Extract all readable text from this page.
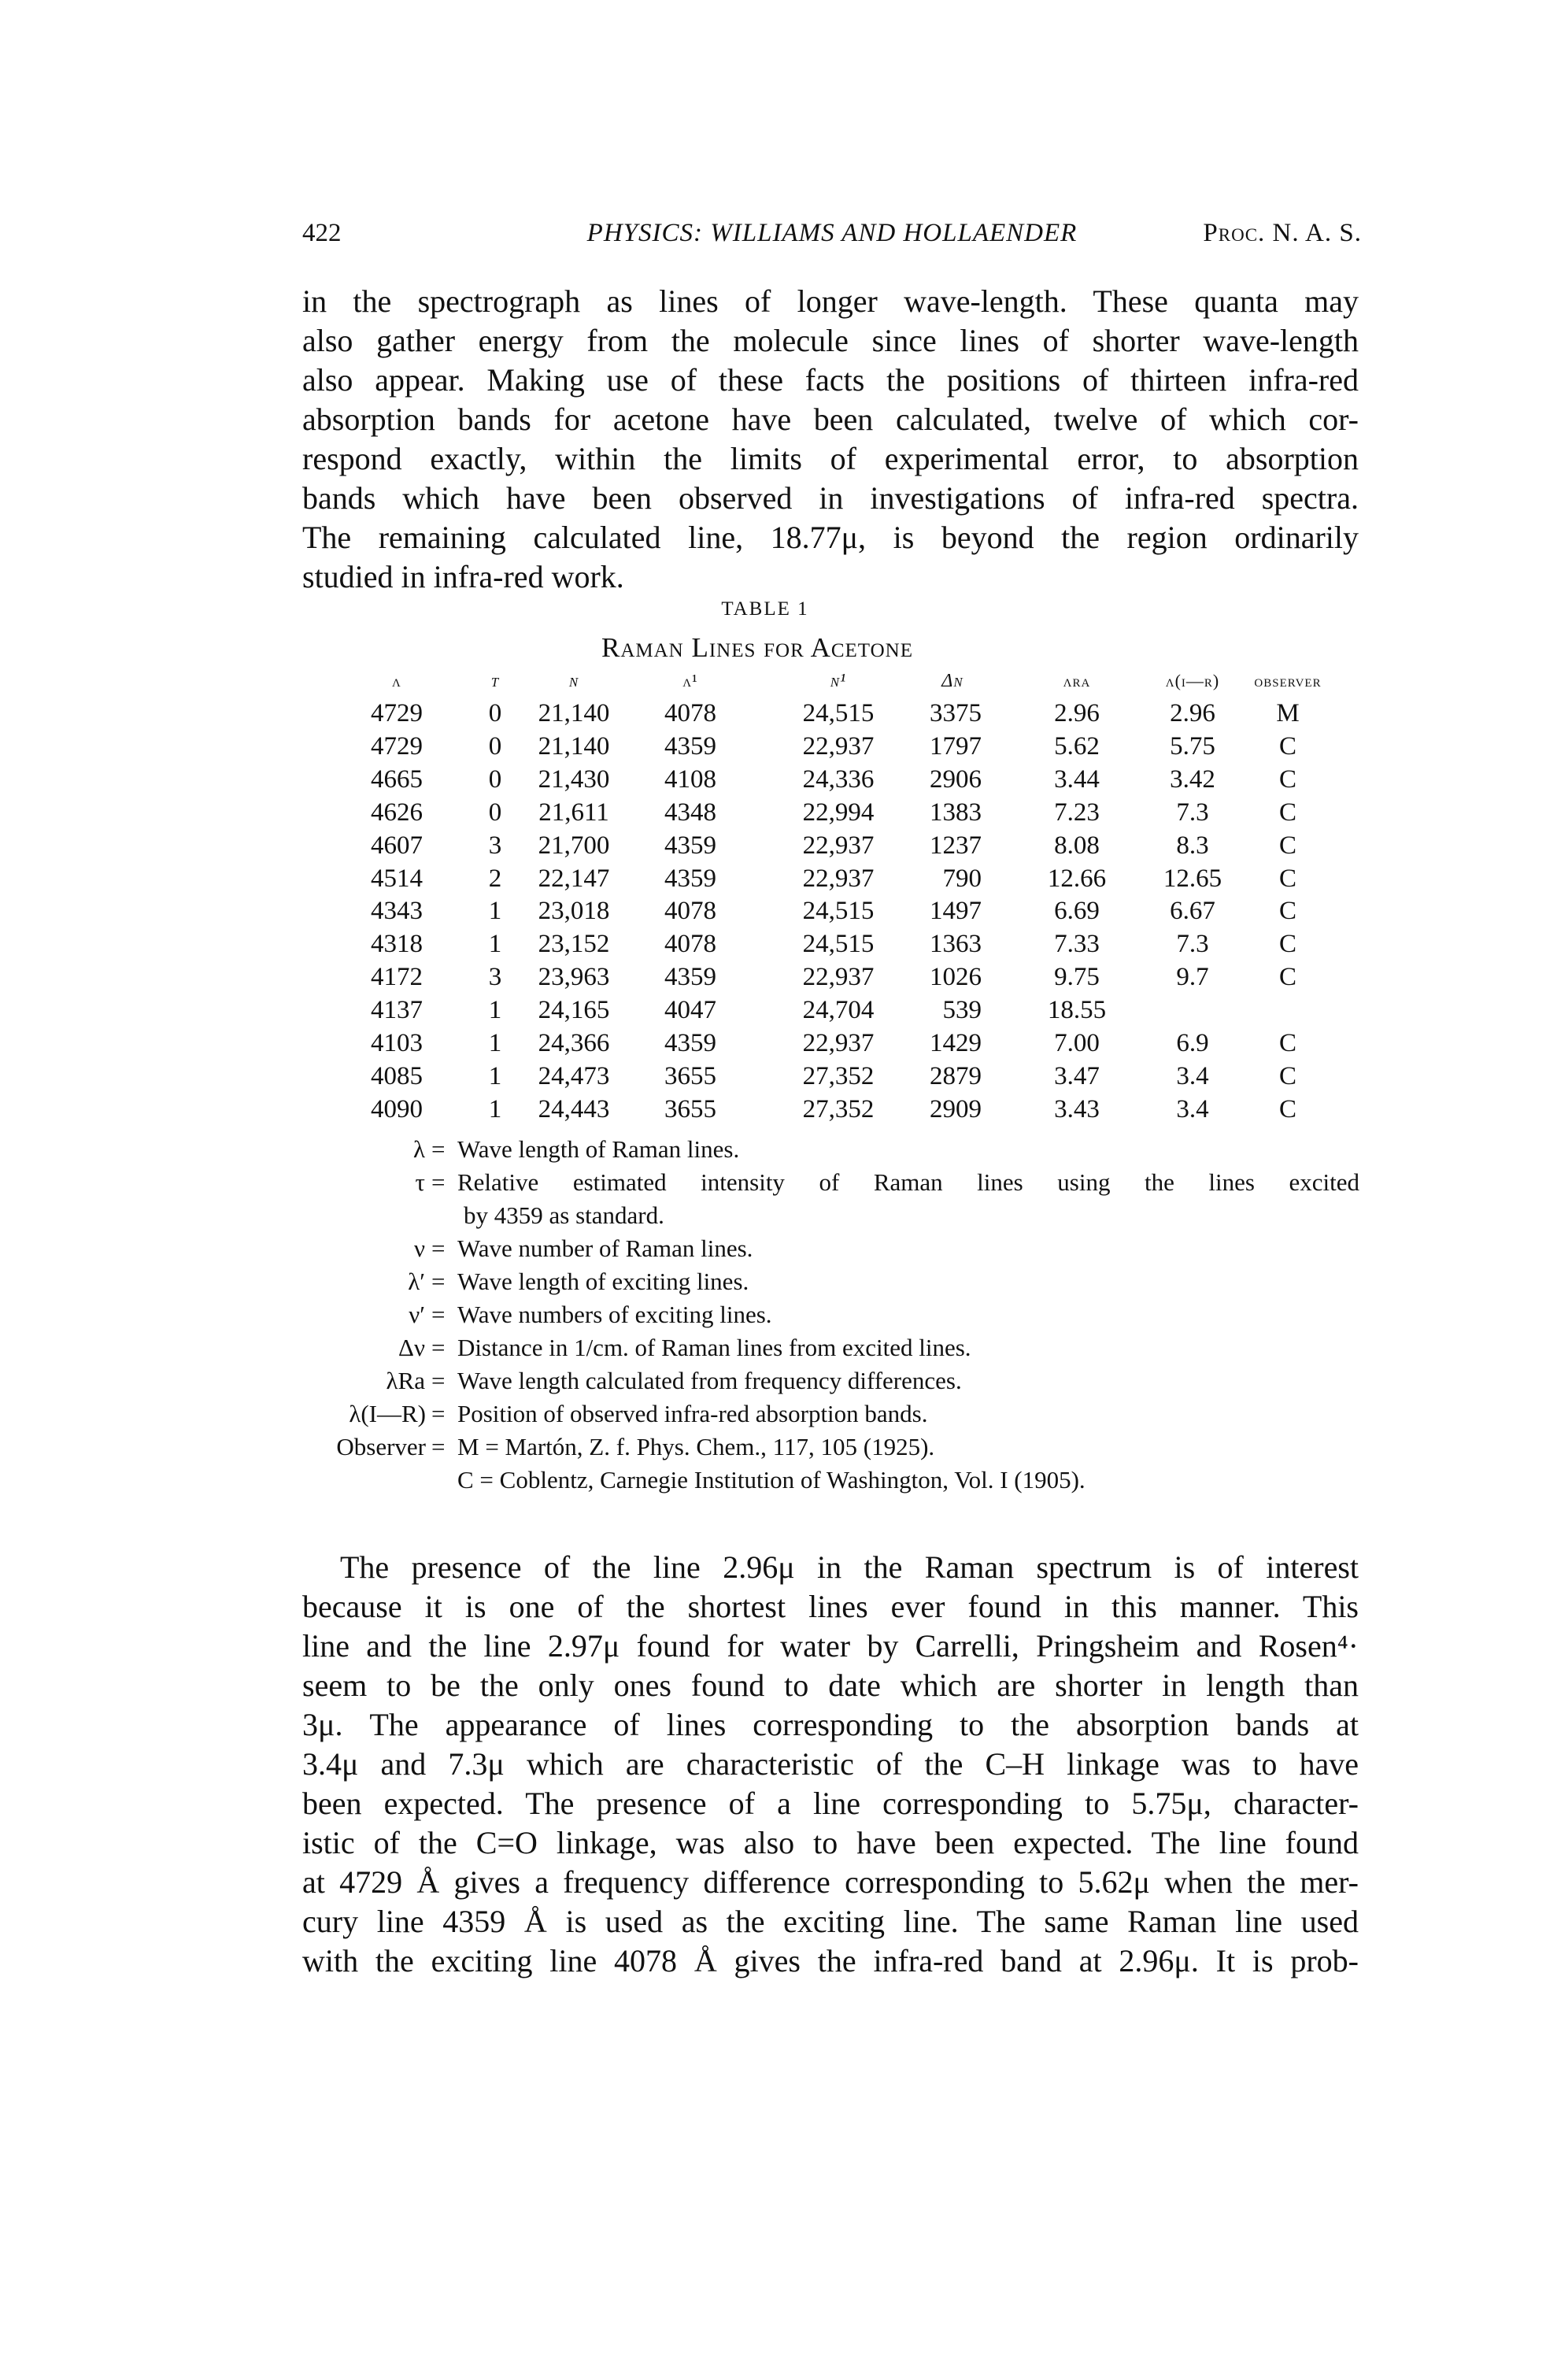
422	PHYSICS: WILLIAMS AND HOLLAENDER	Proc. N. A. S.
in the spectrograph as lines of longer wave-length. These quanta may
also gather energy from the molecule since lines of shorter wave-length
also appear. Making use of these facts the positions of thirteen infra-red
absorption bands for acetone have been calculated, twelve of which cor-
respond exactly, within the limits of experimental error, to absorption
bands which have been observed in investigations of infra-red spectra.
The remaining calculated line, 18.77μ, is beyond the region ordinarily
studied in infra-red work.
TABLE 1
Raman Lines for Acetone
λ	τ	ν	λ¹	ν¹	Δν	λra	λ(i—r)	observer
4729	0	21,140	4078	24,515	3375	2.96	2.96	M
4729	0	21,140	4359	22,937	1797	5.62	5.75	C
4665	0	21,430	4108	24,336	2906	3.44	3.42	C
4626	0	21,611	4348	22,994	1383	7.23	7.3	C
4607	3	21,700	4359	22,937	1237	8.08	8.3	C
4514	2	22,147	4359	22,937	790	12.66	12.65	C
4343	1	23,018	4078	24,515	1497	6.69	6.67	C
4318	1	23,152	4078	24,515	1363	7.33	7.3	C
4172	3	23,963	4359	22,937	1026	9.75	9.7	C
4137	1	24,165	4047	24,704	539	18.55
4103	1	24,366	4359	22,937	1429	7.00	6.9	C
4085	1	24,473	3655	27,352	2879	3.47	3.4	C
4090	1	24,443	3655	27,352	2909	3.43	3.4	C
λ = Wave length of Raman lines.
τ = Relative estimated intensity of Raman lines using the lines excited
by 4359 as standard.
ν = Wave number of Raman lines.
λ′ = Wave length of exciting lines.
ν′ = Wave numbers of exciting lines.
Δν = Distance in 1/cm. of Raman lines from excited lines.
λRa = Wave length calculated from frequency differences.
λ(I—R) = Position of observed infra-red absorption bands.
Observer = M = Martón, Z. f. Phys. Chem., 117, 105 (1925).
C = Coblentz, Carnegie Institution of Washington, Vol. I (1905).
The presence of the line 2.96μ in the Raman spectrum is of interest
because it is one of the shortest lines ever found in this manner. This
line and the line 2.97μ found for water by Carrelli, Pringsheim and Rosen⁴·
seem to be the only ones found to date which are shorter in length than
3μ. The appearance of lines corresponding to the absorption bands at
3.4μ and 7.3μ which are characteristic of the C–H linkage was to have
been expected. The presence of a line corresponding to 5.75μ, character-
istic of the C=O linkage, was also to have been expected. The line found
at 4729 Å gives a frequency difference corresponding to 5.62μ when the mer-
cury line 4359 Å is used as the exciting line. The same Raman line used
with the exciting line 4078 Å gives the infra-red band at 2.96μ. It is prob-
